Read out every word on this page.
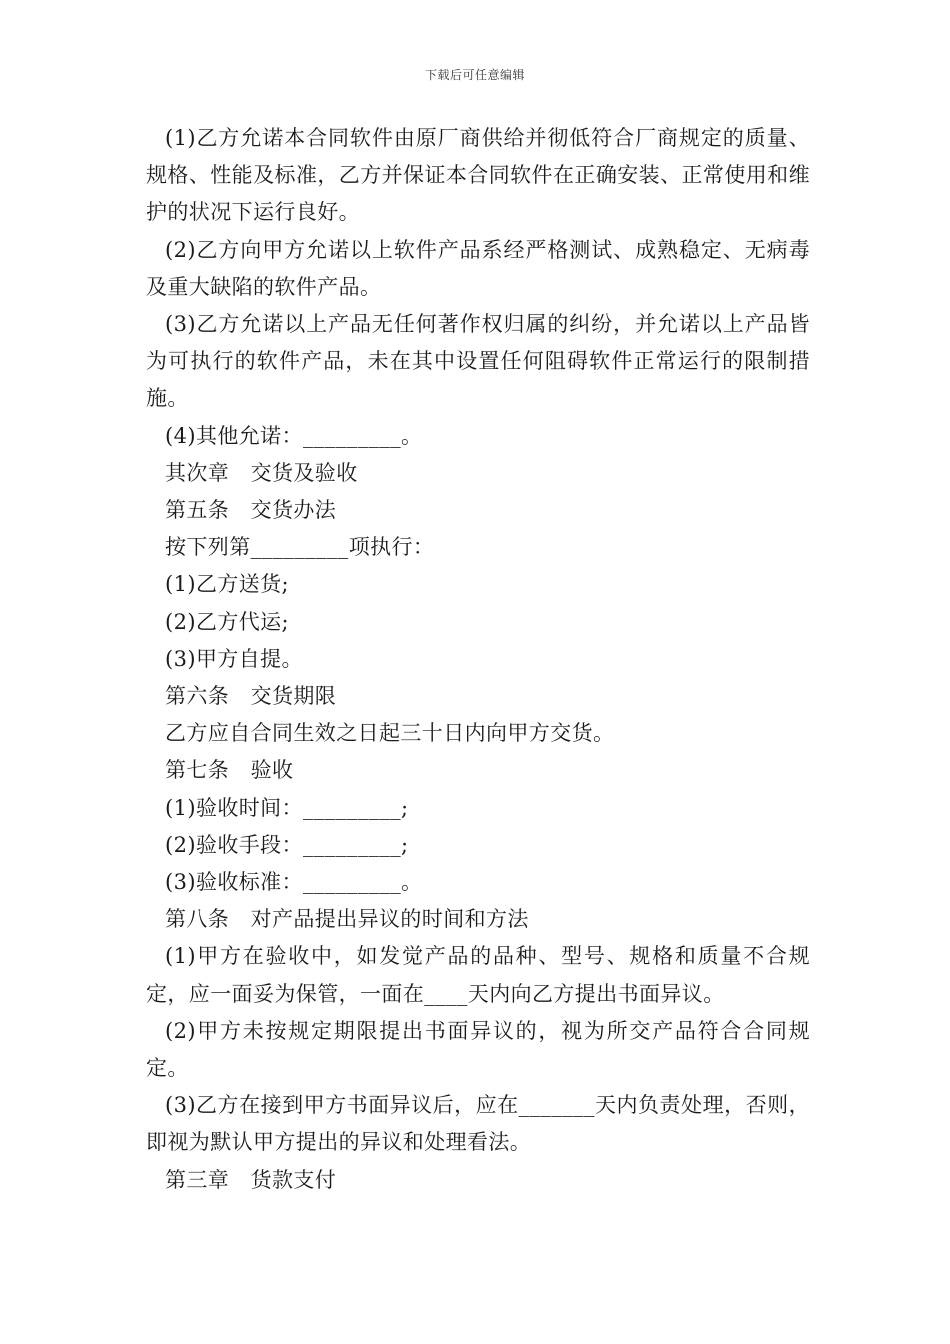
下载后可任意编辑

(1)乙方允诺本合同软件由原厂商供给并彻低符合厂商规定的质量、规格、性能及标准，乙方并保证本合同软件在正确安装、正常使用和维护的状况下运行良好。

(2)乙方向甲方允诺以上软件产品系经严格测试、成熟稳定、无病毒及重大缺陷的软件产品。

(3)乙方允诺以上产品无任何著作权归属的纠纷，并允诺以上产品皆为可执行的软件产品，未在其中设置任何阻碍软件正常运行的限制措施。

(4)其他允诺：_________。

其次章　交货及验收

第五条　交货办法

按下列第_________项执行：

(1)乙方送货;

(2)乙方代运;

(3)甲方自提。

第六条　交货期限

乙方应自合同生效之日起三十日内向甲方交货。

第七条　验收

(1)验收时间：_________;

(2)验收手段：_________;

(3)验收标准：_________。

第八条　对产品提出异议的时间和方法

(1)甲方在验收中，如发觉产品的品种、型号、规格和质量不合规定，应一面妥为保管，一面在____天内向乙方提出书面异议。

(2)甲方未按规定期限提出书面异议的，视为所交产品符合合同规定。

(3)乙方在接到甲方书面异议后，应在_______天内负责处理，否则，即视为默认甲方提出的异议和处理看法。

第三章　货款支付
